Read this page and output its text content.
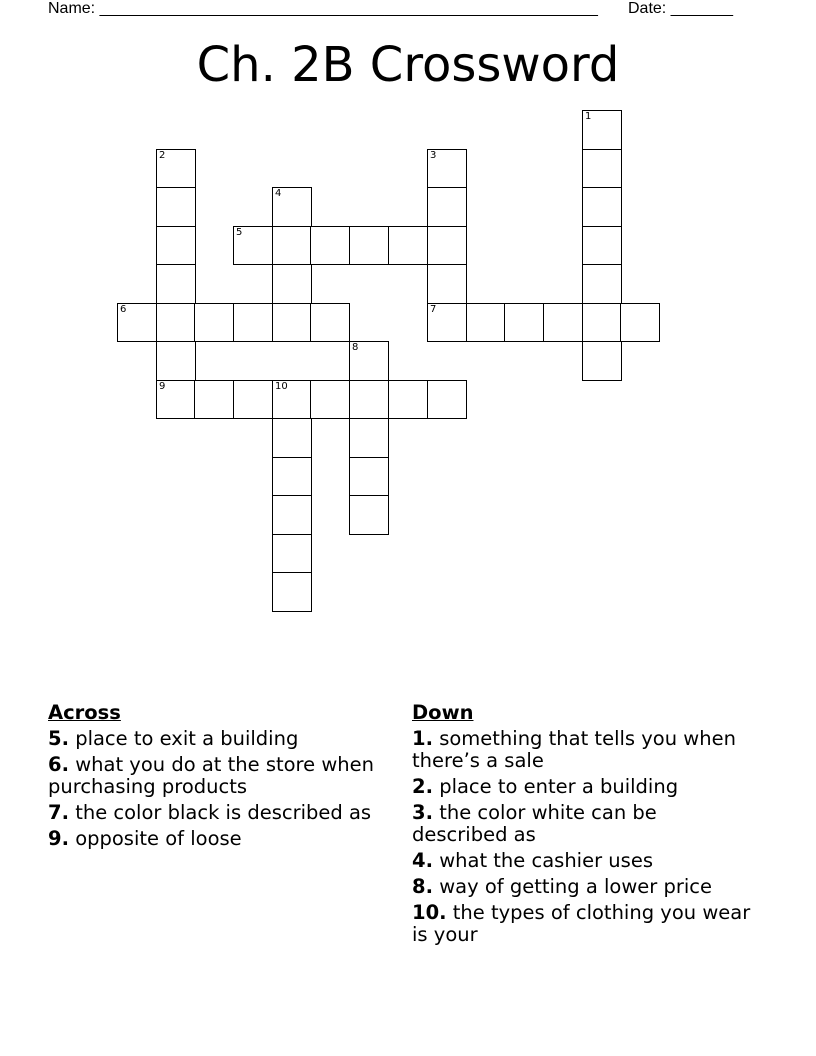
Name: ________________________________________________________ Date: _______
Ch. 2B Crossword
1
2	3
4
5
6	7
8
9	10
Across
5. place to exit a building
6. what you do at the store when purchasing products
7. the color black is described as
9. opposite of loose
Down
1. something that tells you when there’s a sale
2. place to enter a building
3. the color white can be described as
4. what the cashier uses
8. way of getting a lower price
10. the types of clothing you wear is your
